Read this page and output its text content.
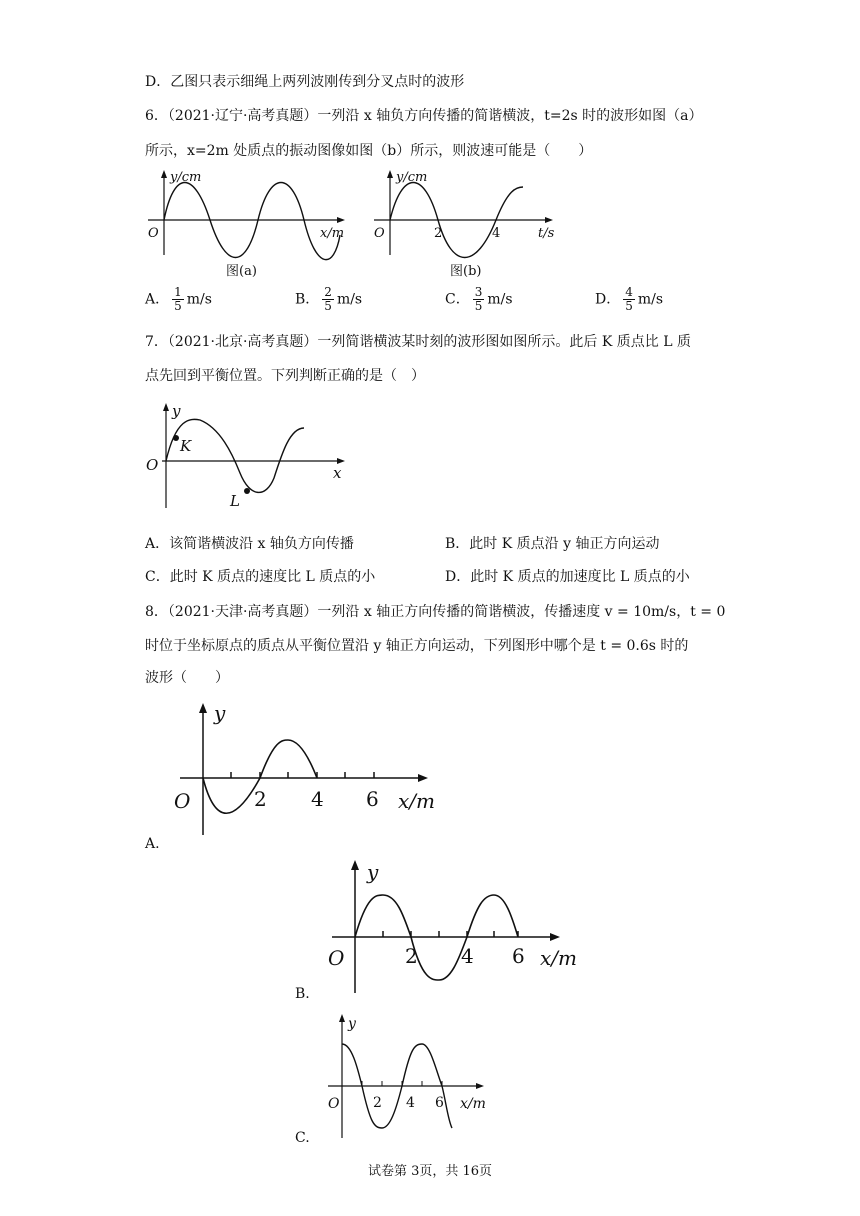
D．乙图只表示细绳上两列波刚传到分叉点时的波形
6．（2021·辽宁·高考真题）一列沿 x 轴负方向传播的简谐横波，t=2s 时的波形如图（a）
所示，x=2m 处质点的振动图像如图（b）所示，则波速可能是（　　）
y/cm
O	x/m
图(a)
y/cm
O	2	4	t/s
图(b)
A． $\frac{1}{5} m/s$	B． $\frac{2}{5} m/s$	C． $\frac{3}{5} m/s$	D． $\frac{4}{5} m/s$
7．（2021·北京·高考真题）一列简谐横波某时刻的波形图如图所示。此后 K 质点比 L 质
点先回到平衡位置。下列判断正确的是（　）
y
O
K
L
x
A．该简谐横波沿 x 轴负方向传播	B．此时 K 质点沿 y 轴正方向运动
C．此时 K 质点的速度比 L 质点的小	D．此时 K 质点的加速度比 L 质点的小
8．（2021·天津·高考真题）一列沿 x 轴正方向传播的简谐横波，传播速度 v = 10m/s，t = 0
时位于坐标原点的质点从平衡位置沿 y 轴正方向运动，下列图形中哪个是 t = 0.6s 时的
波形（　　）
y
O	2 4 6 x/m
A.
y
O	2 4 6 x/m
B.
y
O 2 4 6 x/m
C.
试卷第 3页，共 16页
